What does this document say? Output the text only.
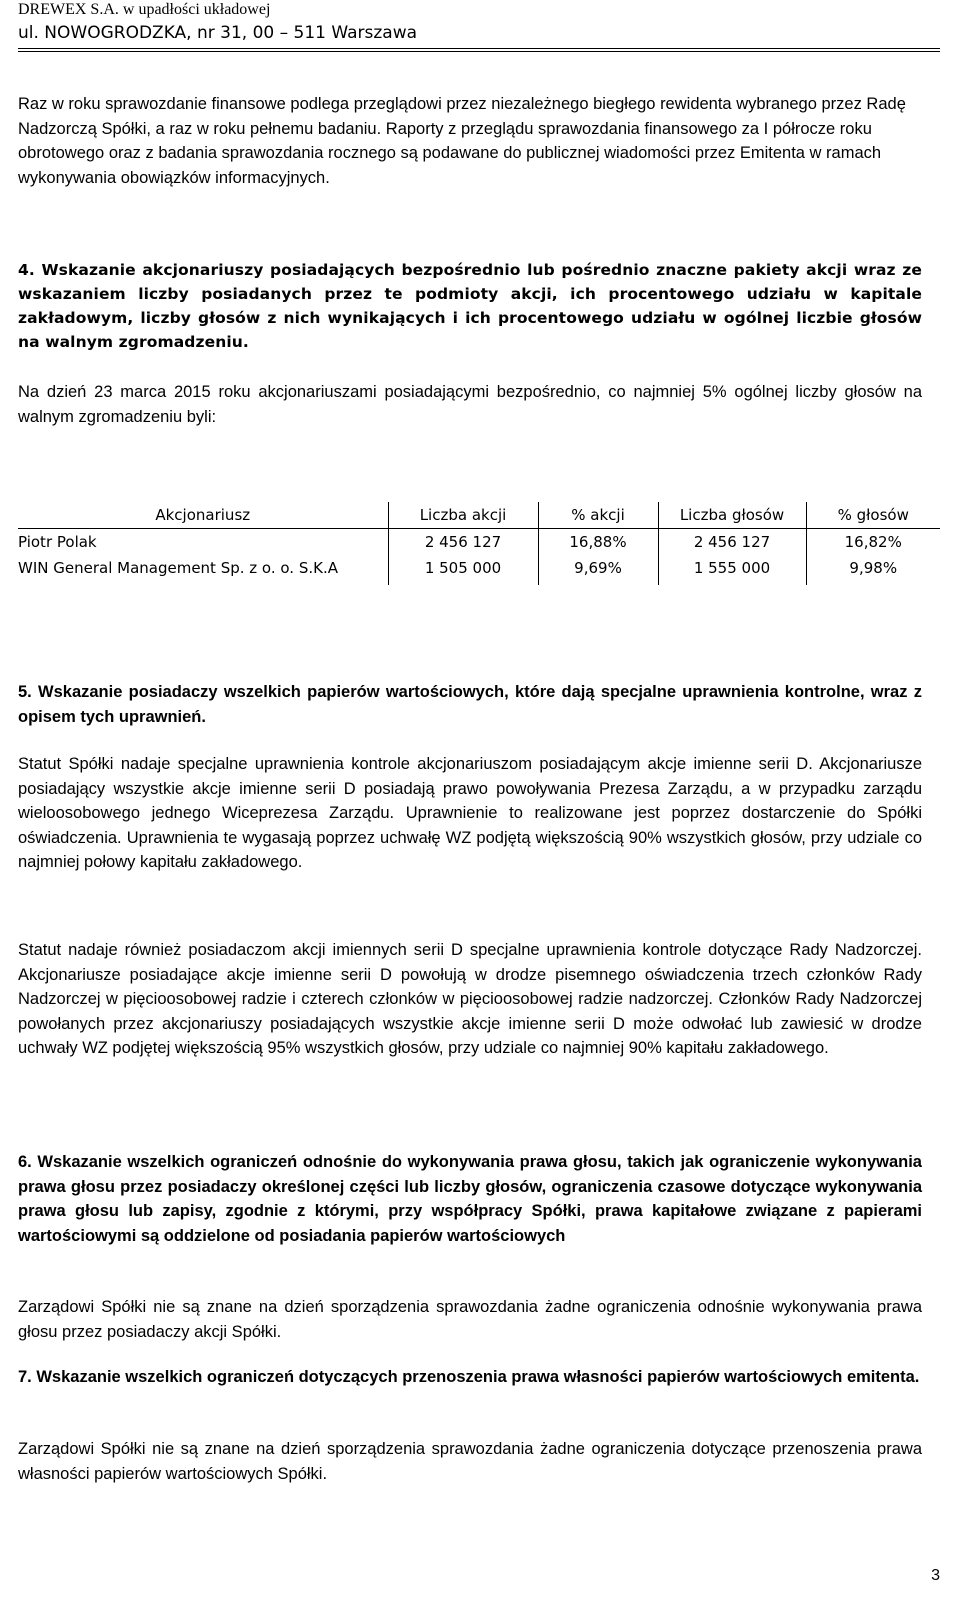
DREWEX S.A. w upadłości układowej
ul. NOWOGRODZKA, nr 31, 00 – 511 Warszawa

Raz w roku sprawozdanie finansowe podlega przeglądowi przez niezależnego biegłego rewidenta wybranego przez Radę Nadzorczą Spółki, a raz w roku pełnemu badaniu. Raporty z przeglądu sprawozdania finansowego za I półrocze roku obrotowego oraz z badania sprawozdania rocznego są podawane do publicznej wiadomości przez Emitenta w ramach wykonywania obowiązków informacyjnych.

4. Wskazanie akcjonariuszy posiadających bezpośrednio lub pośrednio znaczne pakiety akcji wraz ze wskazaniem liczby posiadanych przez te podmioty akcji, ich procentowego udziału w kapitale zakładowym, liczby głosów z nich wynikających i ich procentowego udziału w ogólnej liczbie głosów na walnym zgromadzeniu.

Na dzień 23 marca 2015 roku akcjonariuszami posiadającymi bezpośrednio, co najmniej 5% ogólnej liczby głosów na walnym zgromadzeniu byli:

Akcjonariusz	Liczba akcji	% akcji	Liczba głosów	% głosów
Piotr Polak	2 456 127	16,88%	2 456 127	16,82%
WIN General Management Sp. z o. o. S.K.A	1 505 000	9,69%	1 555 000	9,98%

5. Wskazanie posiadaczy wszelkich papierów wartościowych, które dają specjalne uprawnienia kontrolne, wraz z opisem tych uprawnień.

Statut Spółki nadaje specjalne uprawnienia kontrole akcjonariuszom posiadającym akcje imienne serii D. Akcjonariusze posiadający wszystkie akcje imienne serii D posiadają prawo powoływania Prezesa Zarządu, a w przypadku zarządu wieloosobowego jednego Wiceprezesa Zarządu. Uprawnienie to realizowane jest poprzez dostarczenie do Spółki oświadczenia. Uprawnienia te wygasają poprzez uchwałę WZ podjętą większością 90% wszystkich głosów, przy udziale co najmniej połowy kapitału zakładowego.

Statut nadaje również posiadaczom akcji imiennych serii D specjalne uprawnienia kontrole dotyczące Rady Nadzorczej. Akcjonariusze posiadające akcje imienne serii D powołują w drodze pisemnego oświadczenia trzech członków Rady Nadzorczej w pięcioosobowej radzie i czterech członków w pięcioosobowej radzie nadzorczej. Członków Rady Nadzorczej powołanych przez akcjonariuszy posiadających wszystkie akcje imienne serii D może odwołać lub zawiesić w drodze uchwały WZ podjętej większością 95% wszystkich głosów, przy udziale co najmniej 90% kapitału zakładowego.

6. Wskazanie wszelkich ograniczeń odnośnie do wykonywania prawa głosu, takich jak ograniczenie wykonywania prawa głosu przez posiadaczy określonej części lub liczby głosów, ograniczenia czasowe dotyczące wykonywania prawa głosu lub zapisy, zgodnie z którymi, przy współpracy Spółki, prawa kapitałowe związane z papierami wartościowymi są oddzielone od posiadania papierów wartościowych

Zarządowi Spółki nie są znane na dzień sporządzenia sprawozdania żadne ograniczenia odnośnie wykonywania prawa głosu przez posiadaczy akcji Spółki.

7. Wskazanie wszelkich ograniczeń dotyczących przenoszenia prawa własności papierów wartościowych emitenta.

Zarządowi Spółki nie są znane na dzień sporządzenia sprawozdania żadne ograniczenia dotyczące przenoszenia prawa własności papierów wartościowych Spółki.

3
